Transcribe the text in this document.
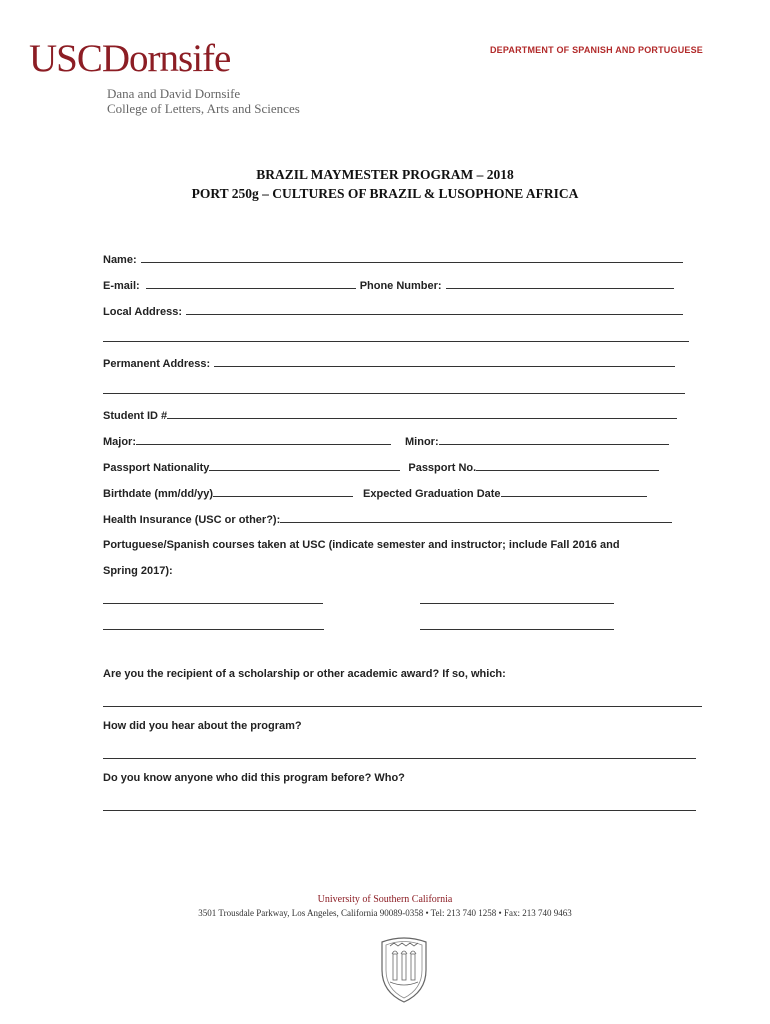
USCDornsife
Dana and David Dornsife
College of Letters, Arts and Sciences
DEPARTMENT OF SPANISH AND PORTUGUESE
BRAZIL MAYMESTER PROGRAM – 2018
PORT 250g – CULTURES OF BRAZIL & LUSOPHONE AFRICA
Name:
E-mail:	Phone Number:
Local Address:
Permanent Address:
Student ID #
Major:	Minor:
Passport Nationality	Passport No.
Birthdate (mm/dd/yy)	Expected Graduation Date
Health Insurance (USC or other?):
Portuguese/Spanish courses taken at USC (indicate semester and instructor; include Fall 2016 and
Spring 2017):
Are you the recipient of a scholarship or other academic award? If so, which:
How did you hear about the program?
Do you know anyone who did this program before? Who?
University of Southern California
3501 Trousdale Parkway, Los Angeles, California 90089-0358 • Tel: 213 740 1258 • Fax: 213 740 9463
